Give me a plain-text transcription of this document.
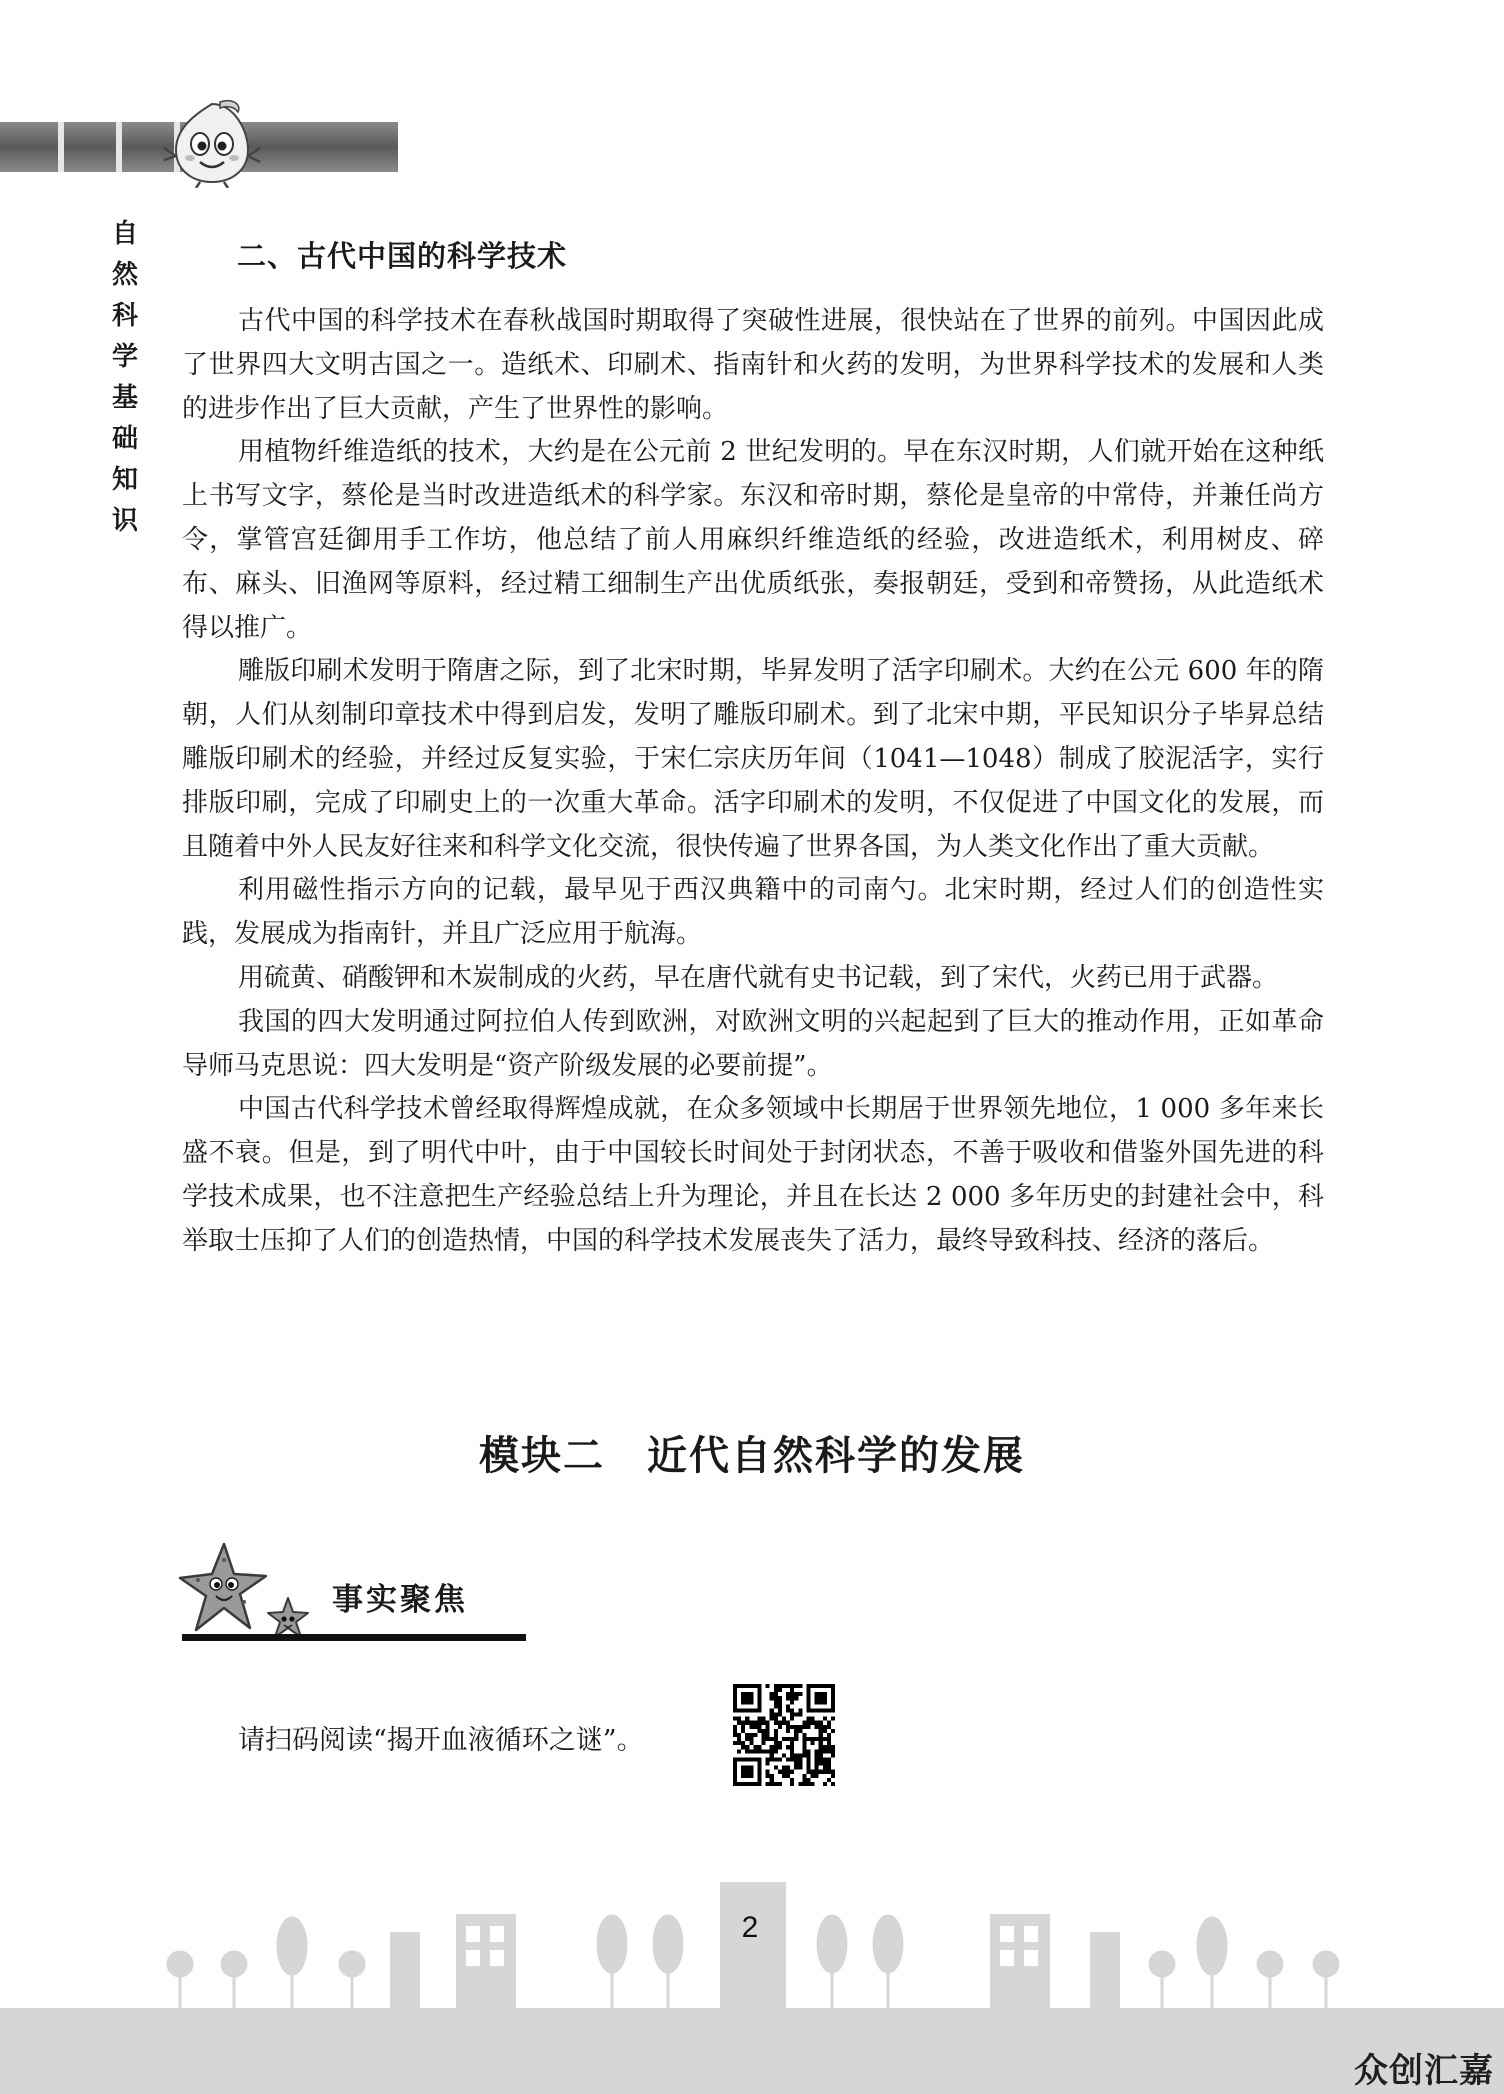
自
然
科
学
基
础
知
识
二、古代中国的科学技术

古代中国的科学技术在春秋战国时期取得了突破性进展，很快站在了世界的前列。中国因此成了世界四大文明古国之一。造纸术、印刷术、指南针和火药的发明，为世界科学技术的发展和人类的进步作出了巨大贡献，产生了世界性的影响。

用植物纤维造纸的技术，大约是在公元前 2 世纪发明的。早在东汉时期，人们就开始在这种纸上书写文字，蔡伦是当时改进造纸术的科学家。东汉和帝时期，蔡伦是皇帝的中常侍，并兼任尚方令，掌管宫廷御用手工作坊，他总结了前人用麻织纤维造纸的经验，改进造纸术，利用树皮、碎布、麻头、旧渔网等原料，经过精工细制生产出优质纸张，奏报朝廷，受到和帝赞扬，从此造纸术得以推广。

雕版印刷术发明于隋唐之际，到了北宋时期，毕昇发明了活字印刷术。大约在公元 600 年的隋朝，人们从刻制印章技术中得到启发，发明了雕版印刷术。到了北宋中期，平民知识分子毕昇总结雕版印刷术的经验，并经过反复实验，于宋仁宗庆历年间（1041—1048）制成了胶泥活字，实行排版印刷，完成了印刷史上的一次重大革命。活字印刷术的发明，不仅促进了中国文化的发展，而且随着中外人民友好往来和科学文化交流，很快传遍了世界各国，为人类文化作出了重大贡献。

利用磁性指示方向的记载，最早见于西汉典籍中的司南勺。北宋时期，经过人们的创造性实践，发展成为指南针，并且广泛应用于航海。

用硫黄、硝酸钾和木炭制成的火药，早在唐代就有史书记载，到了宋代，火药已用于武器。

我国的四大发明通过阿拉伯人传到欧洲，对欧洲文明的兴起起到了巨大的推动作用，正如革命导师马克思说：四大发明是“资产阶级发展的必要前提”。

中国古代科学技术曾经取得辉煌成就，在众多领域中长期居于世界领先地位，1 000 多年来长盛不衰。但是，到了明代中叶，由于中国较长时间处于封闭状态，不善于吸收和借鉴外国先进的科学技术成果，也不注意把生产经验总结上升为理论，并且在长达 2 000 多年历史的封建社会中，科举取士压抑了人们的创造热情，中国的科学技术发展丧失了活力，最终导致科技、经济的落后。

模块二　近代自然科学的发展
事实聚焦
请扫码阅读“揭开血液循环之谜”。
2
众创汇嘉
